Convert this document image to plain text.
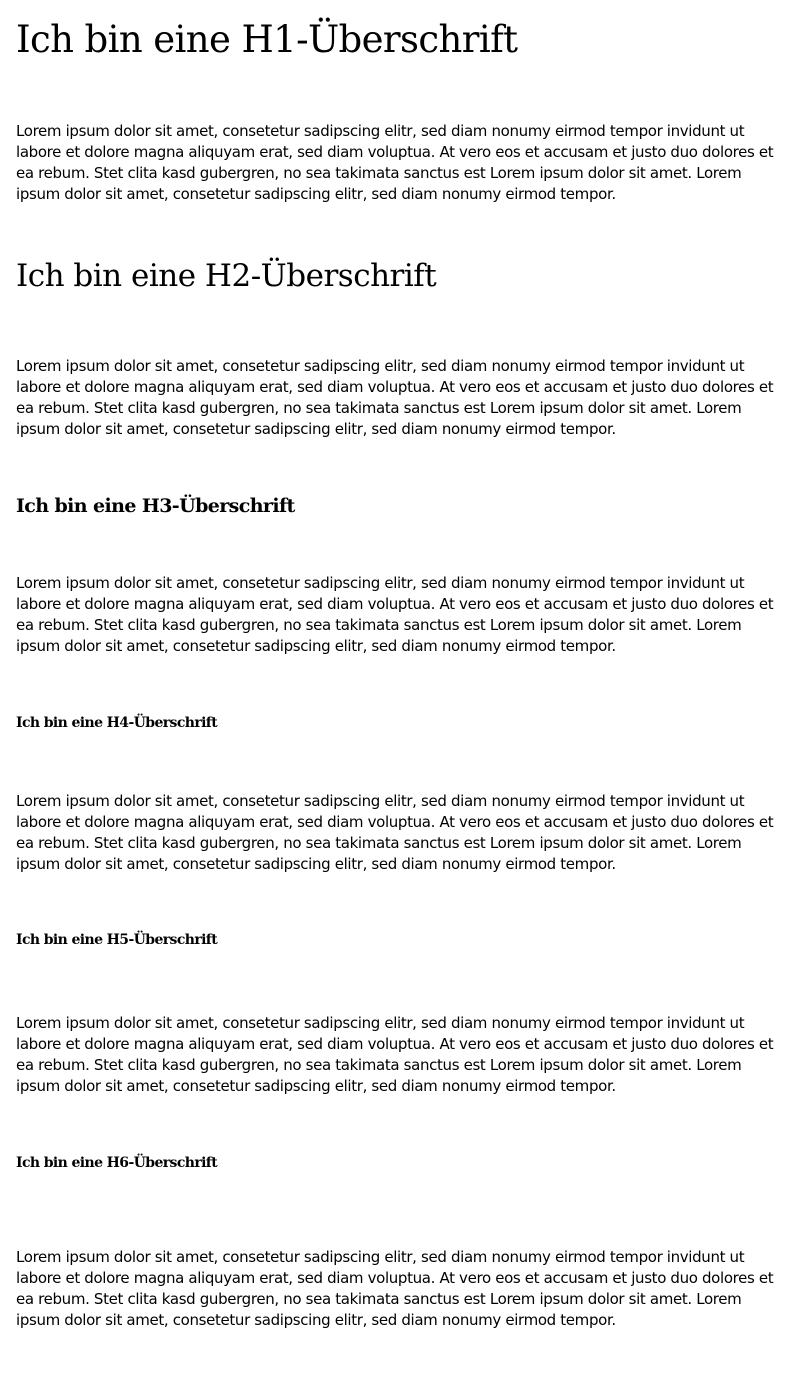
Ich bin eine H1-Überschrift

Lorem ipsum dolor sit amet, consetetur sadipscing elitr, sed diam nonumy eirmod tempor invidunt ut labore et dolore magna aliquyam erat, sed diam voluptua. At vero eos et accusam et justo duo dolores et ea rebum. Stet clita kasd gubergren, no sea takimata sanctus est Lorem ipsum dolor sit amet. Lorem ipsum dolor sit amet, consetetur sadipscing elitr, sed diam nonumy eirmod tempor.

Ich bin eine H2-Überschrift

Lorem ipsum dolor sit amet, consetetur sadipscing elitr, sed diam nonumy eirmod tempor invidunt ut labore et dolore magna aliquyam erat, sed diam voluptua. At vero eos et accusam et justo duo dolores et ea rebum. Stet clita kasd gubergren, no sea takimata sanctus est Lorem ipsum dolor sit amet. Lorem ipsum dolor sit amet, consetetur sadipscing elitr, sed diam nonumy eirmod tempor.

Ich bin eine H3-Überschrift

Lorem ipsum dolor sit amet, consetetur sadipscing elitr, sed diam nonumy eirmod tempor invidunt ut labore et dolore magna aliquyam erat, sed diam voluptua. At vero eos et accusam et justo duo dolores et ea rebum. Stet clita kasd gubergren, no sea takimata sanctus est Lorem ipsum dolor sit amet. Lorem ipsum dolor sit amet, consetetur sadipscing elitr, sed diam nonumy eirmod tempor.

Ich bin eine H4-Überschrift

Lorem ipsum dolor sit amet, consetetur sadipscing elitr, sed diam nonumy eirmod tempor invidunt ut labore et dolore magna aliquyam erat, sed diam voluptua. At vero eos et accusam et justo duo dolores et ea rebum. Stet clita kasd gubergren, no sea takimata sanctus est Lorem ipsum dolor sit amet. Lorem ipsum dolor sit amet, consetetur sadipscing elitr, sed diam nonumy eirmod tempor.

Ich bin eine H5-Überschrift

Lorem ipsum dolor sit amet, consetetur sadipscing elitr, sed diam nonumy eirmod tempor invidunt ut labore et dolore magna aliquyam erat, sed diam voluptua. At vero eos et accusam et justo duo dolores et ea rebum. Stet clita kasd gubergren, no sea takimata sanctus est Lorem ipsum dolor sit amet. Lorem ipsum dolor sit amet, consetetur sadipscing elitr, sed diam nonumy eirmod tempor.

Ich bin eine H6-Überschrift

Lorem ipsum dolor sit amet, consetetur sadipscing elitr, sed diam nonumy eirmod tempor invidunt ut labore et dolore magna aliquyam erat, sed diam voluptua. At vero eos et accusam et justo duo dolores et ea rebum. Stet clita kasd gubergren, no sea takimata sanctus est Lorem ipsum dolor sit amet. Lorem ipsum dolor sit amet, consetetur sadipscing elitr, sed diam nonumy eirmod tempor.
